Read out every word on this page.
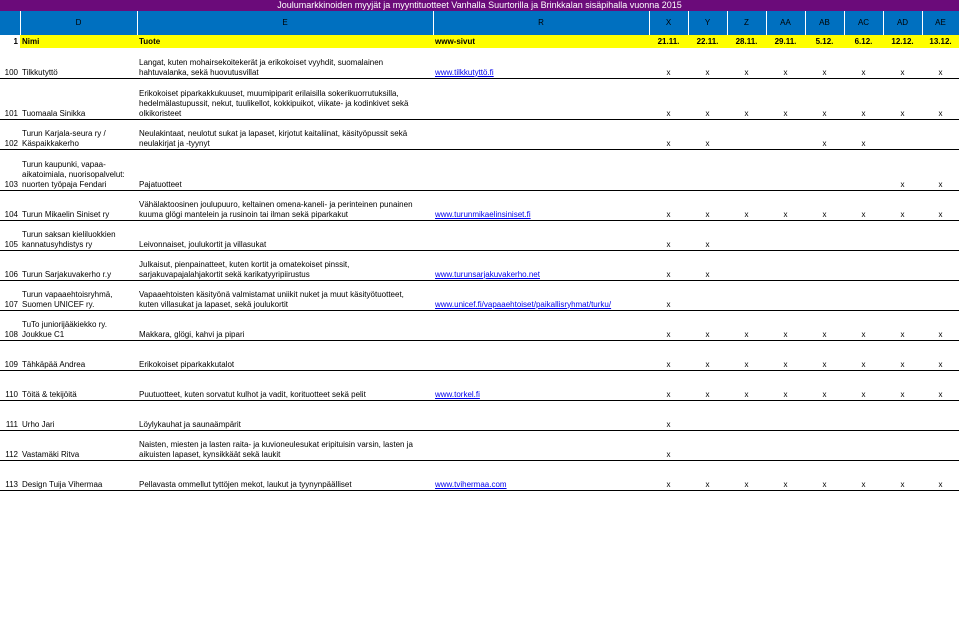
Joulumarkkinoiden myyjät ja myyntituotteet Vanhalla Suurtorilla ja Brinkkalan sisäpihalla vuonna 2015
	D	E	R	X	Y	Z	AA	AB	AC	AD	AE
1	Nimi	Tuote	www-sivut	21.11.	22.11.	28.11.	29.11.	5.12.	6.12.	12.12.	13.12.
100	Tilkkutyttö	Langat, kuten mohairsekoitekerät ja erikokoiset vyyhdit, suomalainen
hahtuvalanka, sekä huovutusvillat	www.tilkkutyttö.fi	x	x	x	x	x	x	x	x
101	Tuomaala Sinikka	Erikokoiset piparkakkukuuset, muumipiparit erilaisilla sokerikuorrutuksilla,
hedelmälastupussit, nekut, tuulikellot, kokkipuikot, viikate- ja kodinkivet sekä
olkikoristeet		x	x	x	x	x	x	x	x
102	Turun Karjala-seura ry /
Käspaikkakerho	Neulakintaat, neulotut sukat ja lapaset, kirjotut kaitaliinat, käsityöpussit sekä
neulakirjat ja -tyynyt		x	x			x	x		
103	Turun kaupunki, vapaa-
aikatoimiala, nuorisopalvelut:
nuorten työpaja Fendari	Pajatuotteet								x	x
104	Turun Mikaelin Siniset ry	Vähälaktoosinen joulupuuro, keltainen omena-kaneli- ja perinteinen punainen
kuuma glögi mantelein ja rusinoin tai ilman sekä piparkakut	www.turunmikaelinsiniset.fi	x	x	x	x	x	x	x	x
105	Turun saksan kieliluokkien
kannatusyhdistys ry	Leivonnaiset, joulukortit ja villasukat		x	x						
106	Turun Sarjakuvakerho r.y	Julkaisut, pienpainatteet, kuten kortit ja omatekoiset pinssit,
sarjakuvapajalahjakortit sekä karikatyyripiirustus	www.turunsarjakuvakerho.net	x	x						
107	Turun vapaaehtoisryhmä,
Suomen UNICEF ry.	Vapaaehtoisten käsityönä valmistamat uniikit nuket ja muut käsityötuotteet,
kuten villasukat ja lapaset, sekä joulukortit	www.unicef.fi/vapaaehtoiset/paikallisryhmat/turku/	x							
108	TuTo juniorijääkiekko ry.
Joukkue C1	Makkara, glögi, kahvi ja pipari		x	x	x	x	x	x	x	x
109	Tähkäpää Andrea	Erikokoiset piparkakkutalot		x	x	x	x	x	x	x	x
110	Töitä & tekijöitä	Puutuotteet, kuten sorvatut kulhot ja vadit, korituotteet sekä pelit	www.torkel.fi	x	x	x	x	x	x	x	x
111	Urho Jari	Löylykauhat ja saunaämpärit		x							
112	Vastamäki Ritva	Naisten, miesten ja lasten raita- ja kuvioneulesukat eripituisin varsin, lasten ja
aikuisten lapaset, kynsikkäät sekä laukit		x							
113	Design Tuija Vihermaa	Pellavasta ommellut tyttöjen mekot, laukut ja tyynynpäälliset	www.tvihermaa.com	x	x	x	x	x	x	x	x
